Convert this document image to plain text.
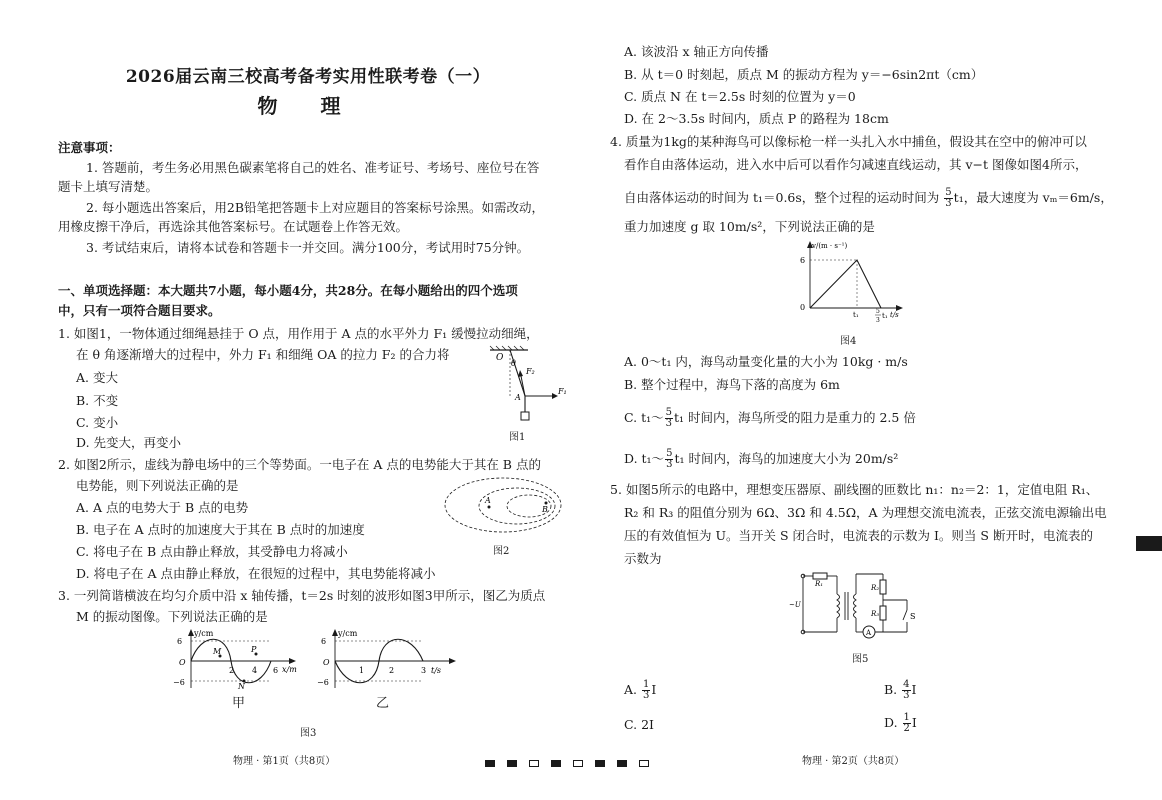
2026届云南三校高考备考实用性联考卷（一）
物 理
注意事项：
1. 答题前，考生务必用黑色碳素笔将自己的姓名、准考证号、考场号、座位号在答
题卡上填写清楚。
2. 每小题选出答案后，用2B铅笔把答题卡上对应题目的答案标号涂黑。如需改动，
用橡皮擦干净后，再选涂其他答案标号。在试题卷上作答无效。
3. 考试结束后，请将本试卷和答题卡一并交回。满分100分，考试用时75分钟。
一、单项选择题：本大题共7小题，每小题4分，共28分。在每小题给出的四个选项
中，只有一项符合题目要求。
1. 如图1，一物体通过细绳悬挂于 O 点，用作用于 A 点的水平外力 F₁ 缓慢拉动细绳，
在 θ 角逐渐增大的过程中，外力 F₁ 和细绳 OA 的拉力 F₂ 的合力将
A. 变大
B. 不变
C. 变小
D. 先变大，再变小
O
θ
F₂
F₁
A
图1
2. 如图2所示，虚线为静电场中的三个等势面。一电子在 A 点的电势能大于其在 B 点的
电势能，则下列说法正确的是
A. A 点的电势大于 B 点的电势
B. 电子在 A 点时的加速度大于其在 B 点时的加速度
C. 将电子在 B 点由静止释放，其受静电力将减小
D. 将电子在 A 点由静止释放，在很短的过程中，其电势能将减小
A
B
图2
3. 一列简谐横波在均匀介质中沿 x 轴传播，t＝2s 时刻的波形如图3甲所示，图乙为质点
M 的振动图像。下列说法正确的是
y/cm
6
O
−6
2 4 6 x/m
M	P
N
甲
y/cm
6
O
−6
1	2	3 t/s
乙
图3
物理 · 第1页（共8页）
A. 该波沿 x 轴正方向传播
B. 从 t＝0 时刻起，质点 M 的振动方程为 y＝−6sin2πt（cm）
C. 质点 N 在 t＝2.5s 时刻的位置为 y＝0
D. 在 2～3.5s 时间内，质点 P 的路程为 18cm
4. 质量为1kg的某种海鸟可以像标枪一样一头扎入水中捕鱼，假设其在空中的俯冲可以
看作自由落体运动，进入水中后可以看作匀减速直线运动，其 v−t 图像如图4所示，
自由落体运动的时间为 t₁＝0.6s，整个过程的运动时间为 $\frac{5}{3} t_1$，最大速度为 vₘ＝6m/s，
重力加速度 g 取 10m/s²，下列说法正确的是
v/(m · s⁻¹)
6
0
t₁	5
3
t₁ t/s
图4
A. 0～t₁ 内，海鸟动量变化量的大小为 10kg · m/s
B. 整个过程中，海鸟下落的高度为 6m
C. t₁～ $\frac{5}{3} t_1$ 时间内，海鸟所受的阻力是重力的 2.5 倍
D. t₁～ $\frac{5}{3} t_1$ 时间内，海鸟的加速度大小为 20m/s²
5. 如图5所示的电路中，理想变压器原、副线圈的匝数比 n₁：n₂＝2：1，定值电阻 R₁、
R₂ 和 R₃ 的阻值分别为 6Ω、3Ω 和 4.5Ω，A 为理想交流电流表，正弦交流电源输出电
压的有效值恒为 U。当开关 S 闭合时，电流表的示数为 I。则当 S 断开时，电流表的
示数为
R₁
~U
R₂
R₃
A
S
图5
A. $\frac{1}{3}$ I	B. $\frac{4}{3}$ I
C. 2I	D. $\frac{1}{2}$ I
物理 · 第2页（共8页）
